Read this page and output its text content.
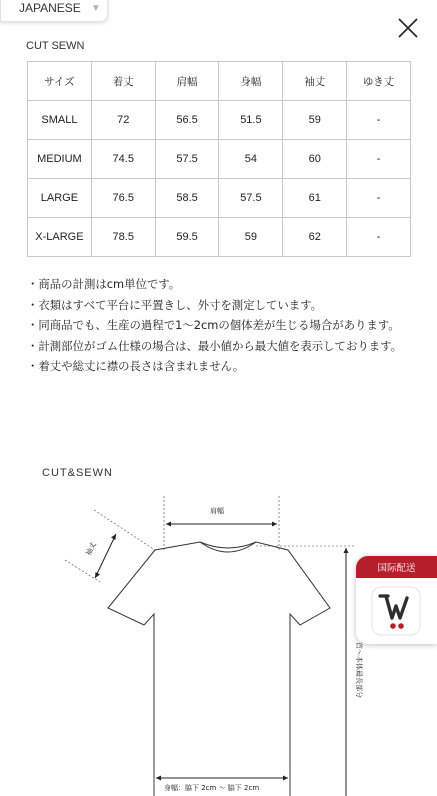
JAPANESE ▼
CUT SEWN
サイズ	着丈	肩幅	身幅	袖丈	ゆき丈
SMALL	72	56.5	51.5	59	-
MEDIUM	74.5	57.5	54	60	-
LARGE	76.5	58.5	57.5	61	-
X-LARGE	78.5	59.5	59	62	-

・商品の計測はcm単位です。

・衣類はすべて平台に平置きし、外寸を測定しています。

・同商品でも、生産の過程で1〜2cmの個体差が生じる場合があります。

・計測部位がゴム仕様の場合は、最小値から最大値を表示しております。

・着丈や総丈に襟の長さは含まれません。

CUT&SEWN
肩幅
袖丈
首〜本体最長部分
身幅：脇下 2cm 〜 脇下 2cm
国际配送
